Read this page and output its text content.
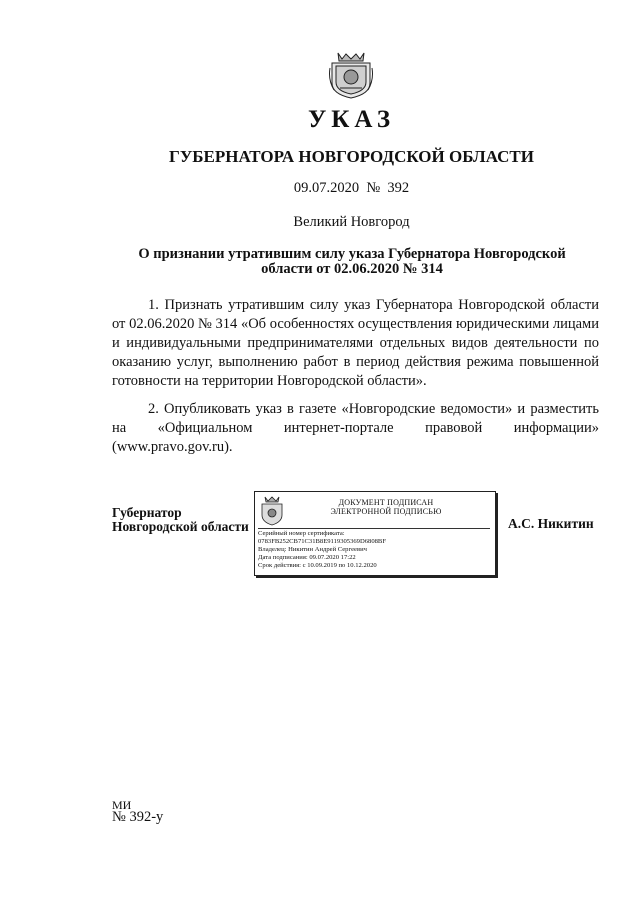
УКАЗ
ГУБЕРНАТОРА НОВГОРОДСКОЙ ОБЛАСТИ
09.07.2020 № 392
Великий Новгород
О признании утратившим силу указа Губернатора Новгородской
области от 02.06.2020 № 314
1. Признать утратившим силу указ Губернатора Новгородской области от 02.06.2020 № 314 «Об особенностях осуществления юридическими лицами и индивидуальными предпринимателями отдельных видов деятельности по оказанию услуг, выполнению работ в период действия режима повышенной готовности на территории Новгородской области».
2. Опубликовать указ в газете «Новгородские ведомости» и разместить на «Официальном интернет-портале правовой информации» (www.pravo.gov.ru).
Губернатор
Новгородской области
ДОКУМЕНТ ПОДПИСАН
ЭЛЕКТРОННОЙ ПОДПИСЬЮ
Серийный номер сертификата:
0783FB252CB71C31B8E9119305369D6808BF
Владелец: Никитин Андрей Сергеевич
Дата подписания: 09.07.2020 17:22
Срок действия: с 10.09.2019 по 10.12.2020
А.С. Никитин
МИ
№ 392-у
